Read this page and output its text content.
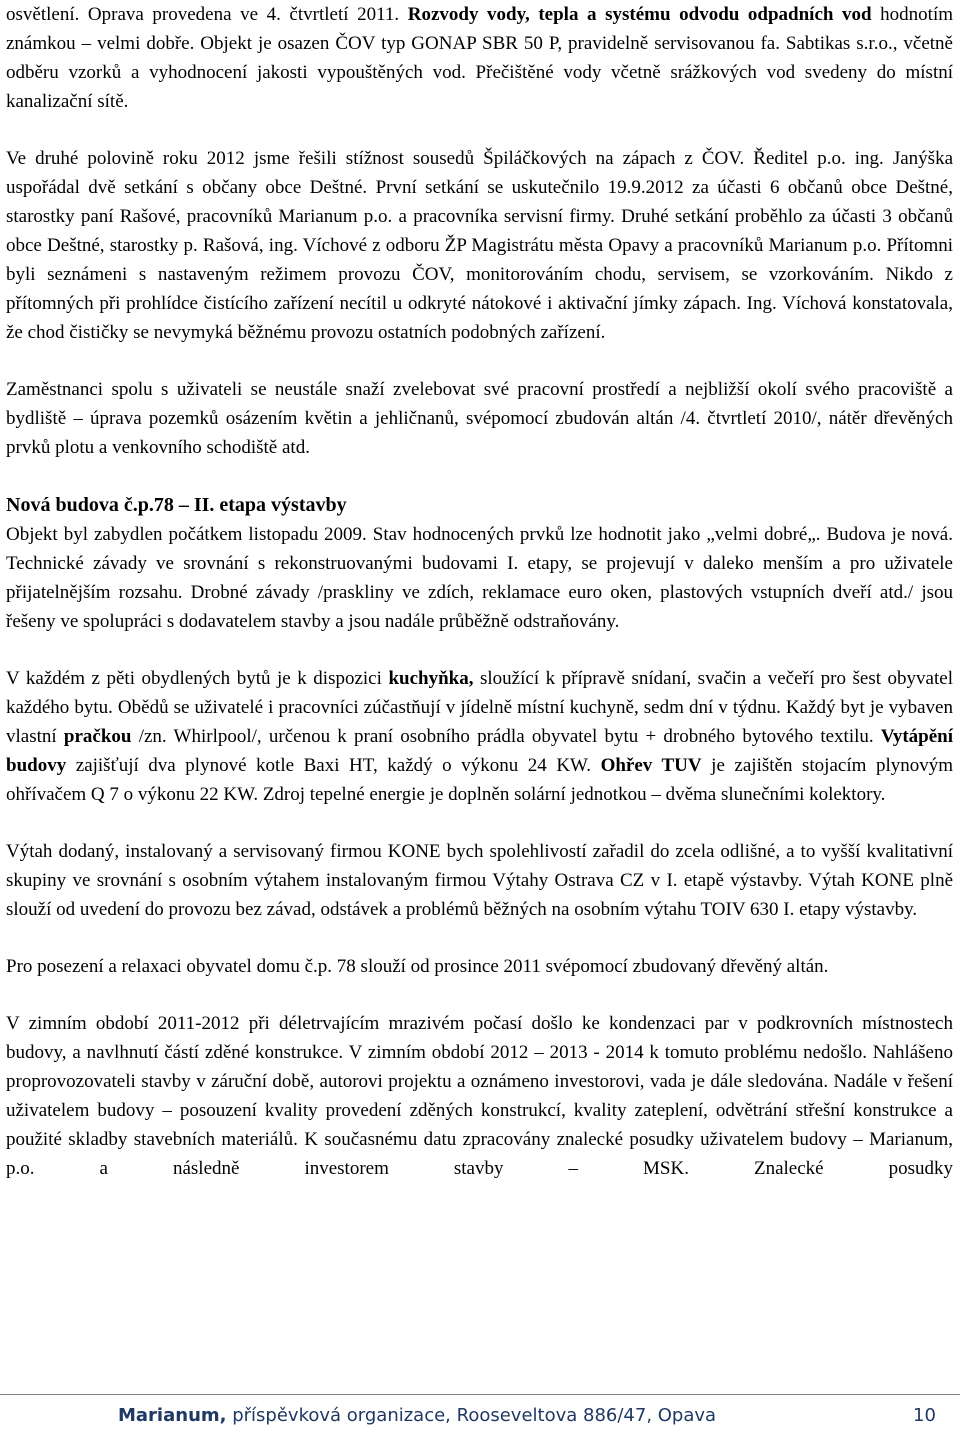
osvětlení. Oprava provedena ve 4. čtvrtletí 2011. Rozvody vody, tepla a systému odvodu odpadních vod hodnotím známkou – velmi dobře. Objekt je osazen ČOV typ GONAP SBR 50 P, pravidelně servisovanou fa. Sabtikas s.r.o., včetně odběru vzorků a vyhodnocení jakosti vypouštěných vod. Přečištěné vody včetně srážkových vod svedeny do místní kanalizační sítě.

Ve druhé polovině roku 2012 jsme řešili stížnost sousedů Špiláčkových na zápach z ČOV. Ředitel p.o. ing. Janýška uspořádal dvě setkání s občany obce Deštné. První setkání se uskutečnilo 19.9.2012 za účasti 6 občanů obce Deštné, starostky paní Rašové, pracovníků Marianum p.o. a pracovníka servisní firmy. Druhé setkání proběhlo za účasti 3 občanů obce Deštné, starostky p. Rašová, ing. Víchové z odboru ŽP Magistrátu města Opavy a pracovníků Marianum p.o. Přítomni byli seznámeni s nastaveným režimem provozu ČOV, monitorováním chodu, servisem, se vzorkováním. Nikdo z přítomných při prohlídce čistícího zařízení necítil u odkryté nátokové i aktivační jímky zápach. Ing. Víchová konstatovala, že chod čističky se nevymyká běžnému provozu ostatních podobných zařízení.

Zaměstnanci spolu s uživateli se neustále snaží zvelebovat své pracovní prostředí a nejbližší okolí svého pracoviště a bydliště – úprava pozemků osázením květin a jehličnanů, svépomocí zbudován altán /4. čtvrtletí 2010/, nátěr dřevěných prvků plotu a venkovního schodiště atd.

Nová budova č.p.78 – II. etapa výstavby

Objekt byl zabydlen počátkem listopadu 2009. Stav hodnocených prvků lze hodnotit jako „velmi dobré„. Budova je nová. Technické závady ve srovnání s rekonstruovanými budovami I. etapy, se projevují v daleko menším a pro uživatele přijatelnějším rozsahu. Drobné závady /praskliny ve zdích, reklamace euro oken, plastových vstupních dveří atd./ jsou řešeny ve spolupráci s dodavatelem stavby a jsou nadále průběžně odstraňovány.

V každém z pěti obydlených bytů je k dispozici kuchyňka, sloužící k přípravě snídaní, svačin a večeří pro šest obyvatel každého bytu. Obědů se uživatelé i pracovníci zúčastňují v jídelně místní kuchyně, sedm dní v týdnu. Každý byt je vybaven vlastní pračkou /zn. Whirlpool/, určenou k praní osobního prádla obyvatel bytu + drobného bytového textilu. Vytápění budovy zajišťují dva plynové kotle Baxi HT, každý o výkonu 24 KW. Ohřev TUV je zajištěn stojacím plynovým ohřívačem Q 7 o výkonu 22 KW. Zdroj tepelné energie je doplněn solární jednotkou – dvěma slunečními kolektory.

Výtah dodaný, instalovaný a servisovaný firmou KONE bych spolehlivostí zařadil do zcela odlišné, a to vyšší kvalitativní skupiny ve srovnání s osobním výtahem instalovaným firmou Výtahy Ostrava CZ v I. etapě výstavby. Výtah KONE plně slouží od uvedení do provozu bez závad, odstávek a problémů běžných na osobním výtahu TOIV 630 I. etapy výstavby.

Pro posezení a relaxaci obyvatel domu č.p. 78 slouží od prosince 2011 svépomocí zbudovaný dřevěný altán.

V zimním období 2011-2012 při déletrvajícím mrazivém počasí došlo ke kondenzaci par v podkrovních místnostech budovy, a navlhnutí částí zděné konstrukce. V zimním období 2012 – 2013 - 2014 k tomuto problému nedošlo. Nahlášeno proprovozovateli stavby v záruční době, autorovi projektu a oznámeno investorovi, vada je dále sledována. Nadále v řešení uživatelem budovy – posouzení kvality provedení zděných konstrukcí, kvality zateplení, odvětrání střešní konstrukce a použité skladby stavebních materiálů. K současnému datu zpracovány znalecké posudky uživatelem budovy – Marianum, p.o. a následně investorem stavby – MSK. Znalecké posudky

Marianum, příspěvková organizace, Roosevelt​ova 886/47, Opava	10
